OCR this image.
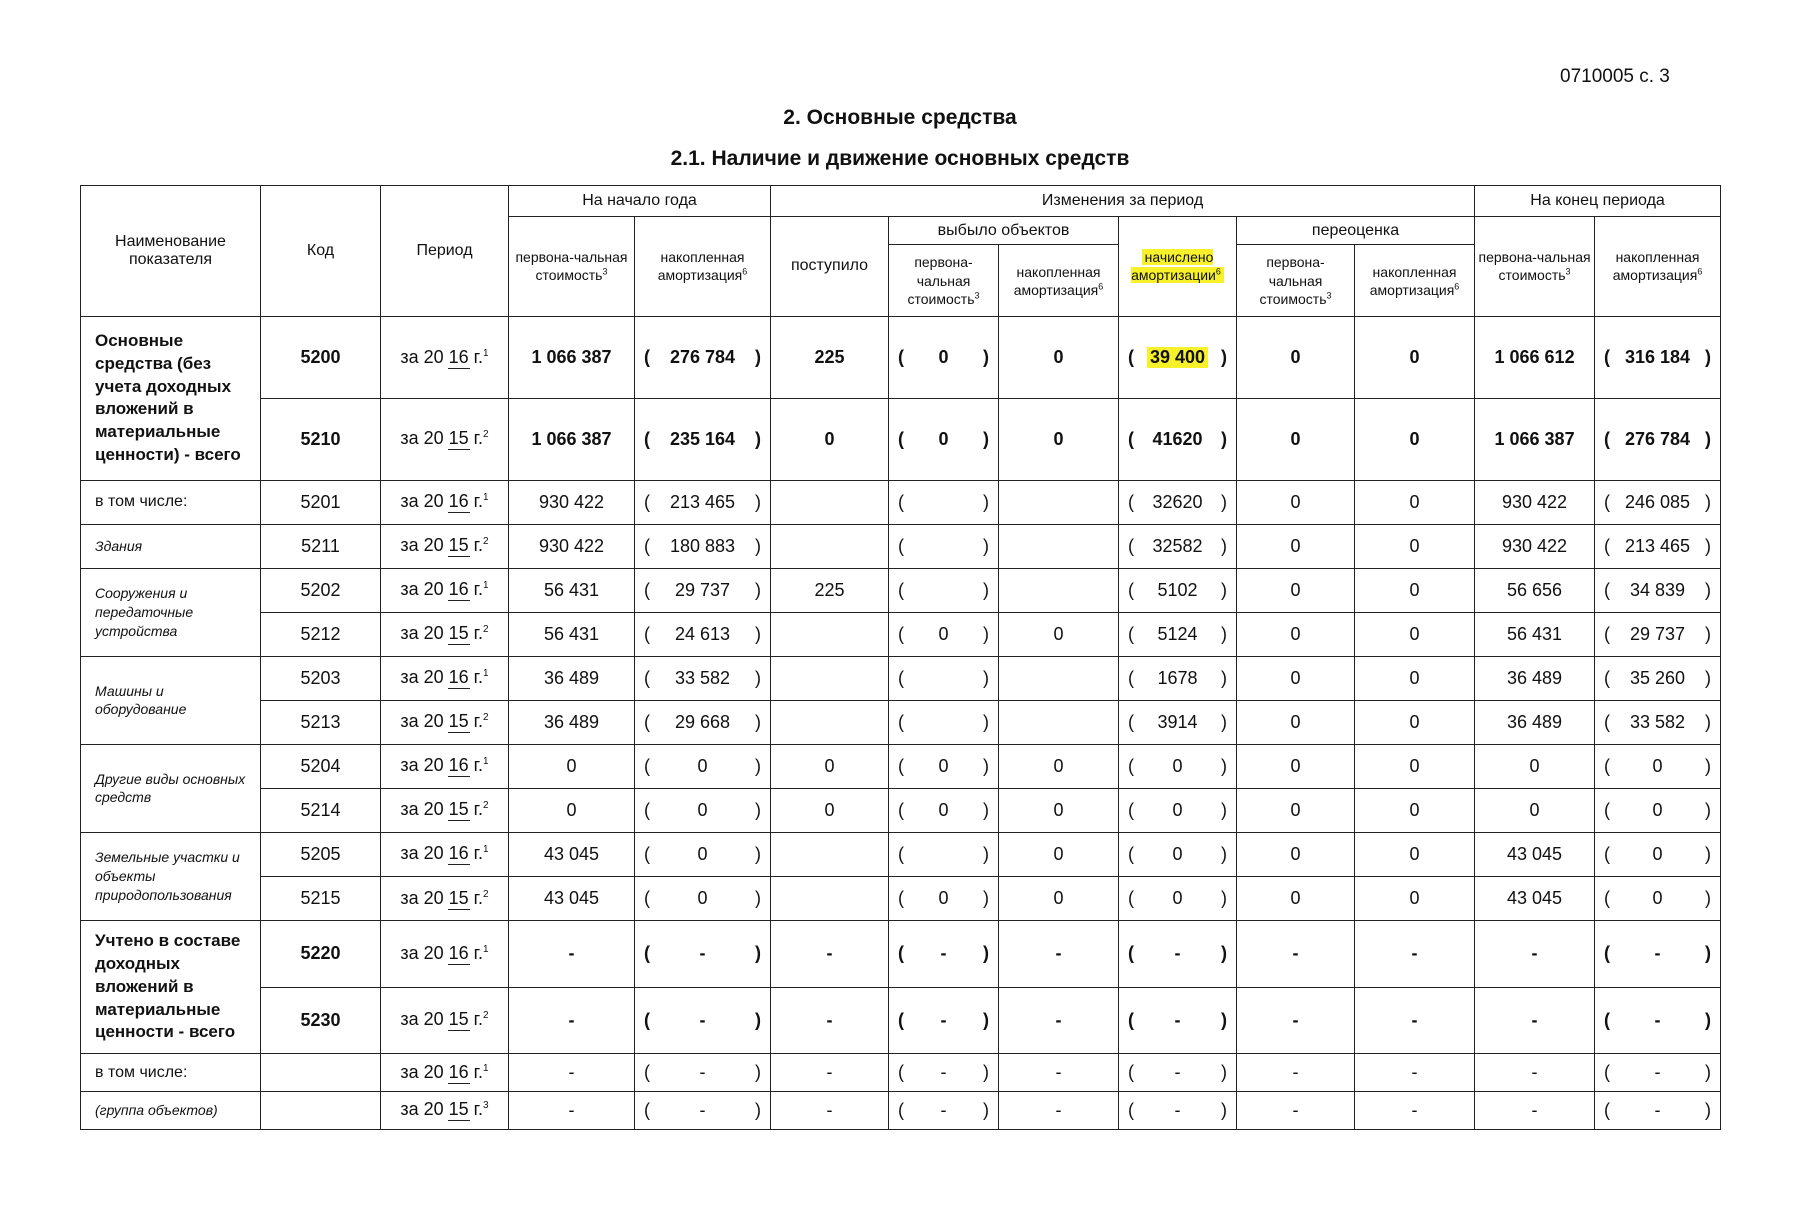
0710005 с. 3
2. Основные средства
2.1. Наличие и движение основных средств
Наименование показателя	Код	Период	На начало года		Изменения за период						На конец периода	
			первона-чальная стоимость$^3$	накопленная амортизация$^6$	поступило	выбыло объектов		начислено амортизации$^6$	переоценка		первона-чальная стоимость$^3$	накопленная амортизация$^6$
						первона-чальная стоимость$^3$	накопленная амортизация$^6$		первона-чальная стоимость$^3$	накопленная амортизация$^6$
Основные средства (без учета доходных вложений в материальные ценности) - всего	5200	за 20 16 г.$^1$	1 066 387	( 276 784 )	225	( 0 )	0	( 39 400 )	0	0	1 066 612	( 316 184 )

	5210	за 20 15 г.$^2$	1 066 387	( 235 164 )	0	( 0 )	0	( 41620 )	0	0	1 066 387	( 276 784 )

в том числе:	5201	за 20 16 г.$^1$	930 422	( 213 465 )		( )		( 32620 )	0	0	930 422	( 246 085 )

Здания	5211	за 20 15 г.$^2$	930 422	( 180 883 )		( )		( 32582 )	0	0	930 422	( 213 465 )

Сооружения и передаточные устройства	5202	за 20 16 г.$^1$	56 431	( 29 737 )	225	( )		( 5102 )	0	0	56 656	( 34 839 )

	5212	за 20 15 г.$^2$	56 431	( 24 613 )		( 0 )	0	( 5124 )	0	0	56 431	( 29 737 )

Машины и оборудование	5203	за 20 16 г.$^1$	36 489	( 33 582 )		( )		( 1678 )	0	0	36 489	( 35 260 )

	5213	за 20 15 г.$^2$	36 489	( 29 668 )		( )		( 3914 )	0	0	36 489	( 33 582 )

Другие виды основных средств	5204	за 20 16 г.$^1$	0	( 0 )	0	( 0 )	0	( 0 )	0	0	0	( 0 )

	5214	за 20 15 г.$^2$	0	( 0 )	0	( 0 )	0	( 0 )	0	0	0	( 0 )

Земельные участки и объекты природопользования	5205	за 20 16 г.$^1$	43 045	( 0 )		( )	0	( 0 )	0	0	43 045	( 0 )

	5215	за 20 15 г.$^2$	43 045	( 0 )		( 0 )	0	( 0 )	0	0	43 045	( 0 )

Учтено в составе доходных вложений в материальные ценности - всего	5220	за 20 16 г.$^1$	-	( - )	-	( - )	-	( - )	-	-	-	( - )

	5230	за 20 15 г.$^2$	-	( - )	-	( - )	-	( - )	-	-	-	( - )

в том числе:		за 20 16 г.$^1$	-	( - )	-	( - )	-	( - )	-	-	-	( - )

(группа объектов)		за 20 15 г.$^3$	-	( - )	-	( - )	-	( - )	-	-	-	( - )
